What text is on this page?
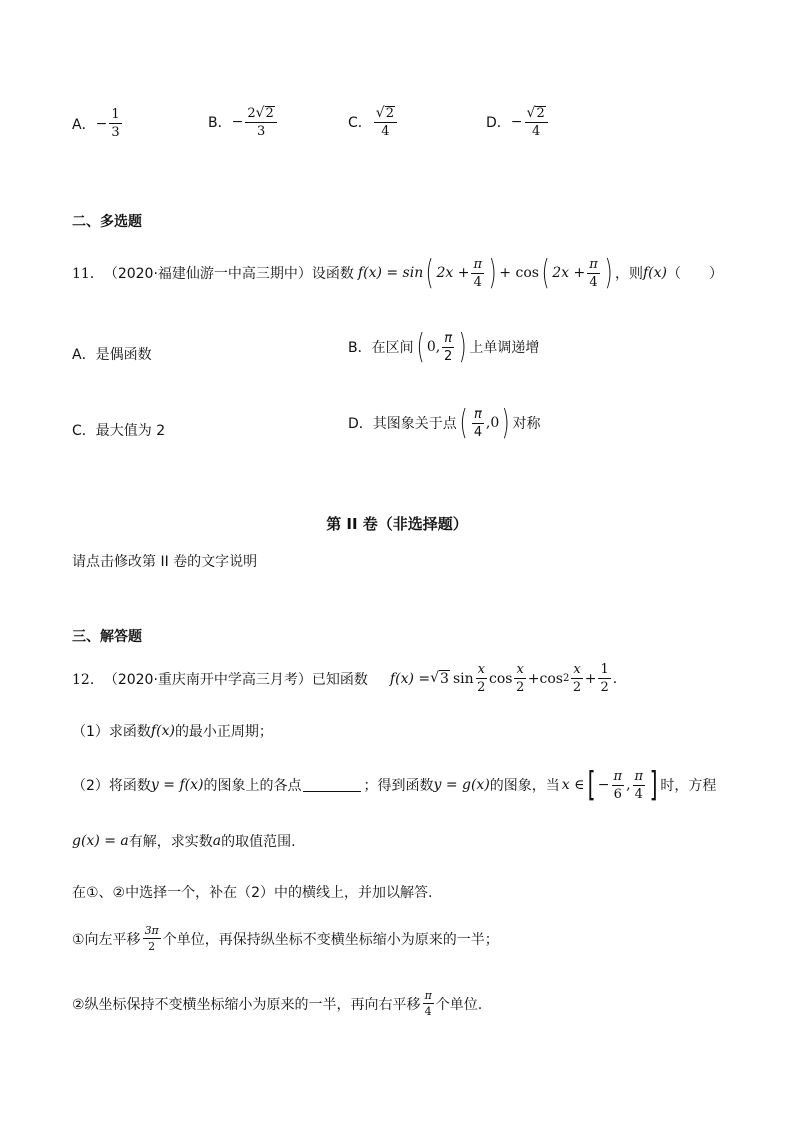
A． − $\frac{1}{3}$	B． − $\frac{2 √ 2}{3}$	C． $\frac{√ 2}{4}$	D． − $\frac{√ 2}{4}$
二、多选题
11． （2020·福建仙游一中高三期中） 设函数 f(x) = sin ( $2x + \frac{\pi}{4}$ ) + cos ( $2x + \frac{\pi}{4}$ ) ，则 f(x) （　　）
A． 是偶函数	B． 在区间 ( 0, $\frac{\pi}{2}$ ) 上单调递增
C． 最大值为 2	D． 其图象关于点 ( $\frac{\pi}{4} ,0$ ) 对称
第 II 卷（非选择题）
请点击修改第 II 卷的文字说明
三、解答题
12． （2020·重庆南开中学高三月考） 已知函数 f(x) = √ 3 $\sin \frac{x}{2}$ $\cos \frac{x}{2} + \cos 2 \frac{x}{2} + \frac{1}{2}$ .
（1）求函数 f(x) 的最小正周期；
（2）将函数 y = f(x) 的图象上的各点	；得到函数 y = g(x) 的图象，当 x ∈ [ − $\frac{\pi}{6}$ , $\frac{\pi}{4}$ ] 时，方程
g(x) = a 有解，求实数 a 的取值范围.
在①、②中选择一个，补在（2）中的横线上，并加以解答.
①向左平移 $\frac{3\pi}{2}$ 个单位，再保持纵坐标不变横坐标缩小为原来的一半；
②纵坐标保持不变横坐标缩小为原来的一半，再向右平移 $\frac{\pi}{4}$ 个单位.
